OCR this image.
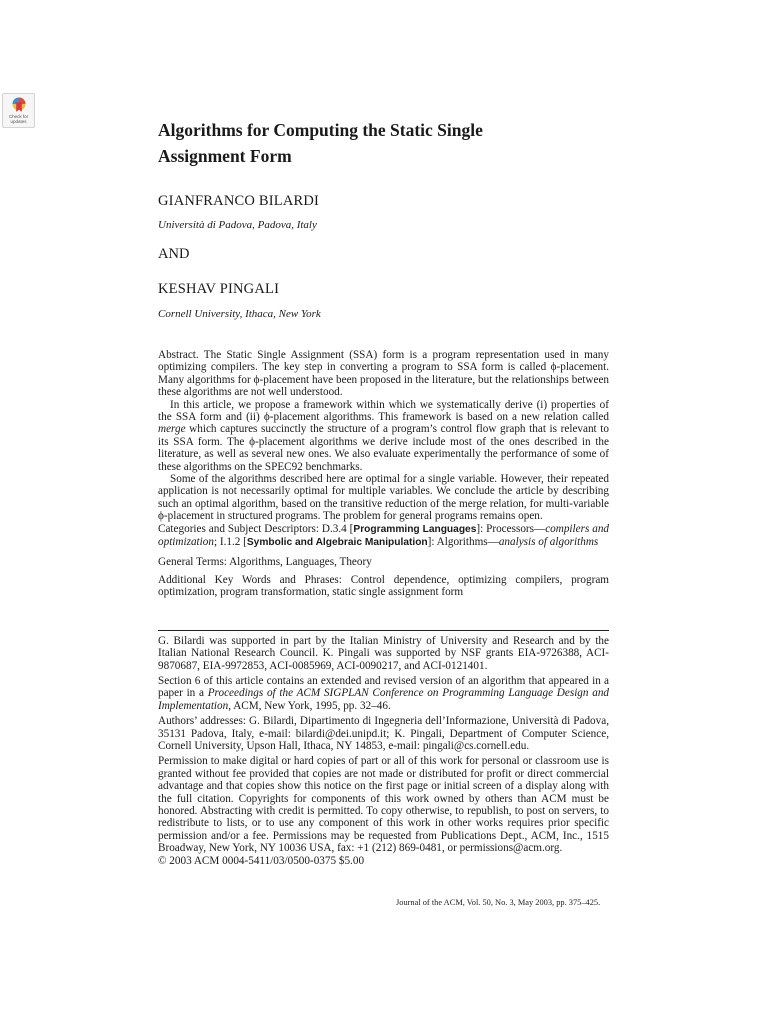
Check for
updates	Algorithms for Computing the Static Single
Assignment Form
GIANFRANCO BILARDI
Università di Padova, Padova, Italy
AND
KESHAV PINGALI
Cornell University, Ithaca, New York

Abstract. The Static Single Assignment (SSA) form is a program representation used in many optimizing compilers. The key step in converting a program to SSA form is called ϕ-placement. Many algorithms for ϕ-placement have been proposed in the literature, but the relationships between these algorithms are not well understood.

In this article, we propose a framework within which we systematically derive (i) properties of the SSA form and (ii) ϕ-placement algorithms. This framework is based on a new relation called merge which captures succinctly the structure of a program’s control flow graph that is relevant to its SSA form. The ϕ-placement algorithms we derive include most of the ones described in the literature, as well as several new ones. We also evaluate experimentally the performance of some of these algorithms on the SPEC92 benchmarks.

Some of the algorithms described here are optimal for a single variable. However, their repeated application is not necessarily optimal for multiple variables. We conclude the article by describing such an optimal algorithm, based on the transitive reduction of the merge relation, for multi-variable ϕ-placement in structured programs. The problem for general programs remains open.

Categories and Subject Descriptors: D.3.4 [Programming Languages]: Processors—compilers and optimization; I.1.2 [Symbolic and Algebraic Manipulation]: Algorithms—analysis of algorithms

General Terms: Algorithms, Languages, Theory

Additional Key Words and Phrases: Control dependence, optimizing compilers, program optimization, program transformation, static single assignment form

G. Bilardi was supported in part by the Italian Ministry of University and Research and by the Italian National Research Council. K. Pingali was supported by NSF grants EIA-9726388, ACI-9870687, EIA-9972853, ACI-0085969, ACI-0090217, and ACI-0121401.

Section 6 of this article contains an extended and revised version of an algorithm that appeared in a paper in a Proceedings of the ACM SIGPLAN Conference on Programming Language Design and Implementation, ACM, New York, 1995, pp. 32–46.

Authors’ addresses: G. Bilardi, Dipartimento di Ingegneria dell’Informazione, Università di Padova, 35131 Padova, Italy, e-mail: bilardi@dei.unipd.it; K. Pingali, Department of Computer Science, Cornell University, Upson Hall, Ithaca, NY 14853, e-mail: pingali@cs.cornell.edu.

Permission to make digital or hard copies of part or all of this work for personal or classroom use is granted without fee provided that copies are not made or distributed for profit or direct commercial advantage and that copies show this notice on the first page or initial screen of a display along with the full citation. Copyrights for components of this work owned by others than ACM must be honored. Abstracting with credit is permitted. To copy otherwise, to republish, to post on servers, to redistribute to lists, or to use any component of this work in other works requires prior specific permission and/or a fee. Permissions may be requested from Publications Dept., ACM, Inc., 1515 Broadway, New York, NY 10036 USA, fax: +1 (212) 869-0481, or permissions@acm.org.

© 2003 ACM 0004-5411/03/0500-0375 $5.00

Journal of the ACM, Vol. 50, No. 3, May 2003, pp. 375–425.
